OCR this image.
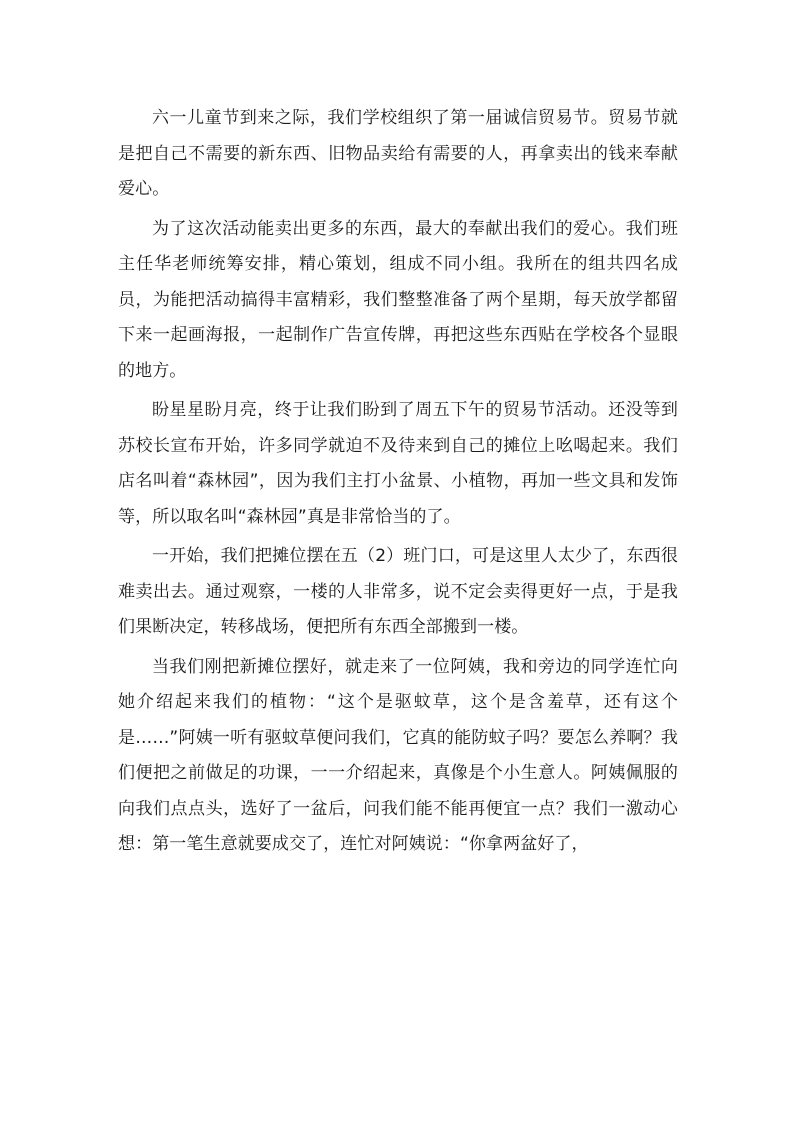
六一儿童节到来之际，我们学校组织了第一届诚信贸易节。贸易节就是把自己不需要的新东西、旧物品卖给有需要的人，再拿卖出的钱来奉献爱心。

为了这次活动能卖出更多的东西，最大的奉献出我们的爱心。我们班主任华老师统筹安排，精心策划，组成不同小组。我所在的组共四名成员，为能把活动搞得丰富精彩，我们整整准备了两个星期，每天放学都留下来一起画海报，一起制作广告宣传牌，再把这些东西贴在学校各个显眼的地方。

盼星星盼月亮，终于让我们盼到了周五下午的贸易节活动。还没等到苏校长宣布开始，许多同学就迫不及待来到自己的摊位上吆喝起来。我们店名叫着“森林园”，因为我们主打小盆景、小植物，再加一些文具和发饰等，所以取名叫“森林园”真是非常恰当的了。

一开始，我们把摊位摆在五（2）班门口，可是这里人太少了，东西很难卖出去。通过观察，一楼的人非常多，说不定会卖得更好一点，于是我们果断决定，转移战场，便把所有东西全部搬到一楼。

当我们刚把新摊位摆好，就走来了一位阿姨，我和旁边的同学连忙向她介绍起来我们的植物：“这个是驱蚊草，这个是含羞草，还有这个是……”阿姨一听有驱蚊草便问我们，它真的能防蚊子吗？要怎么养啊？我们便把之前做足的功课，一一介绍起来，真像是个小生意人。阿姨佩服的向我们点点头，选好了一盆后，问我们能不能再便宜一点？我们一激动心想：第一笔生意就要成交了，连忙对阿姨说：“你拿两盆好了，
